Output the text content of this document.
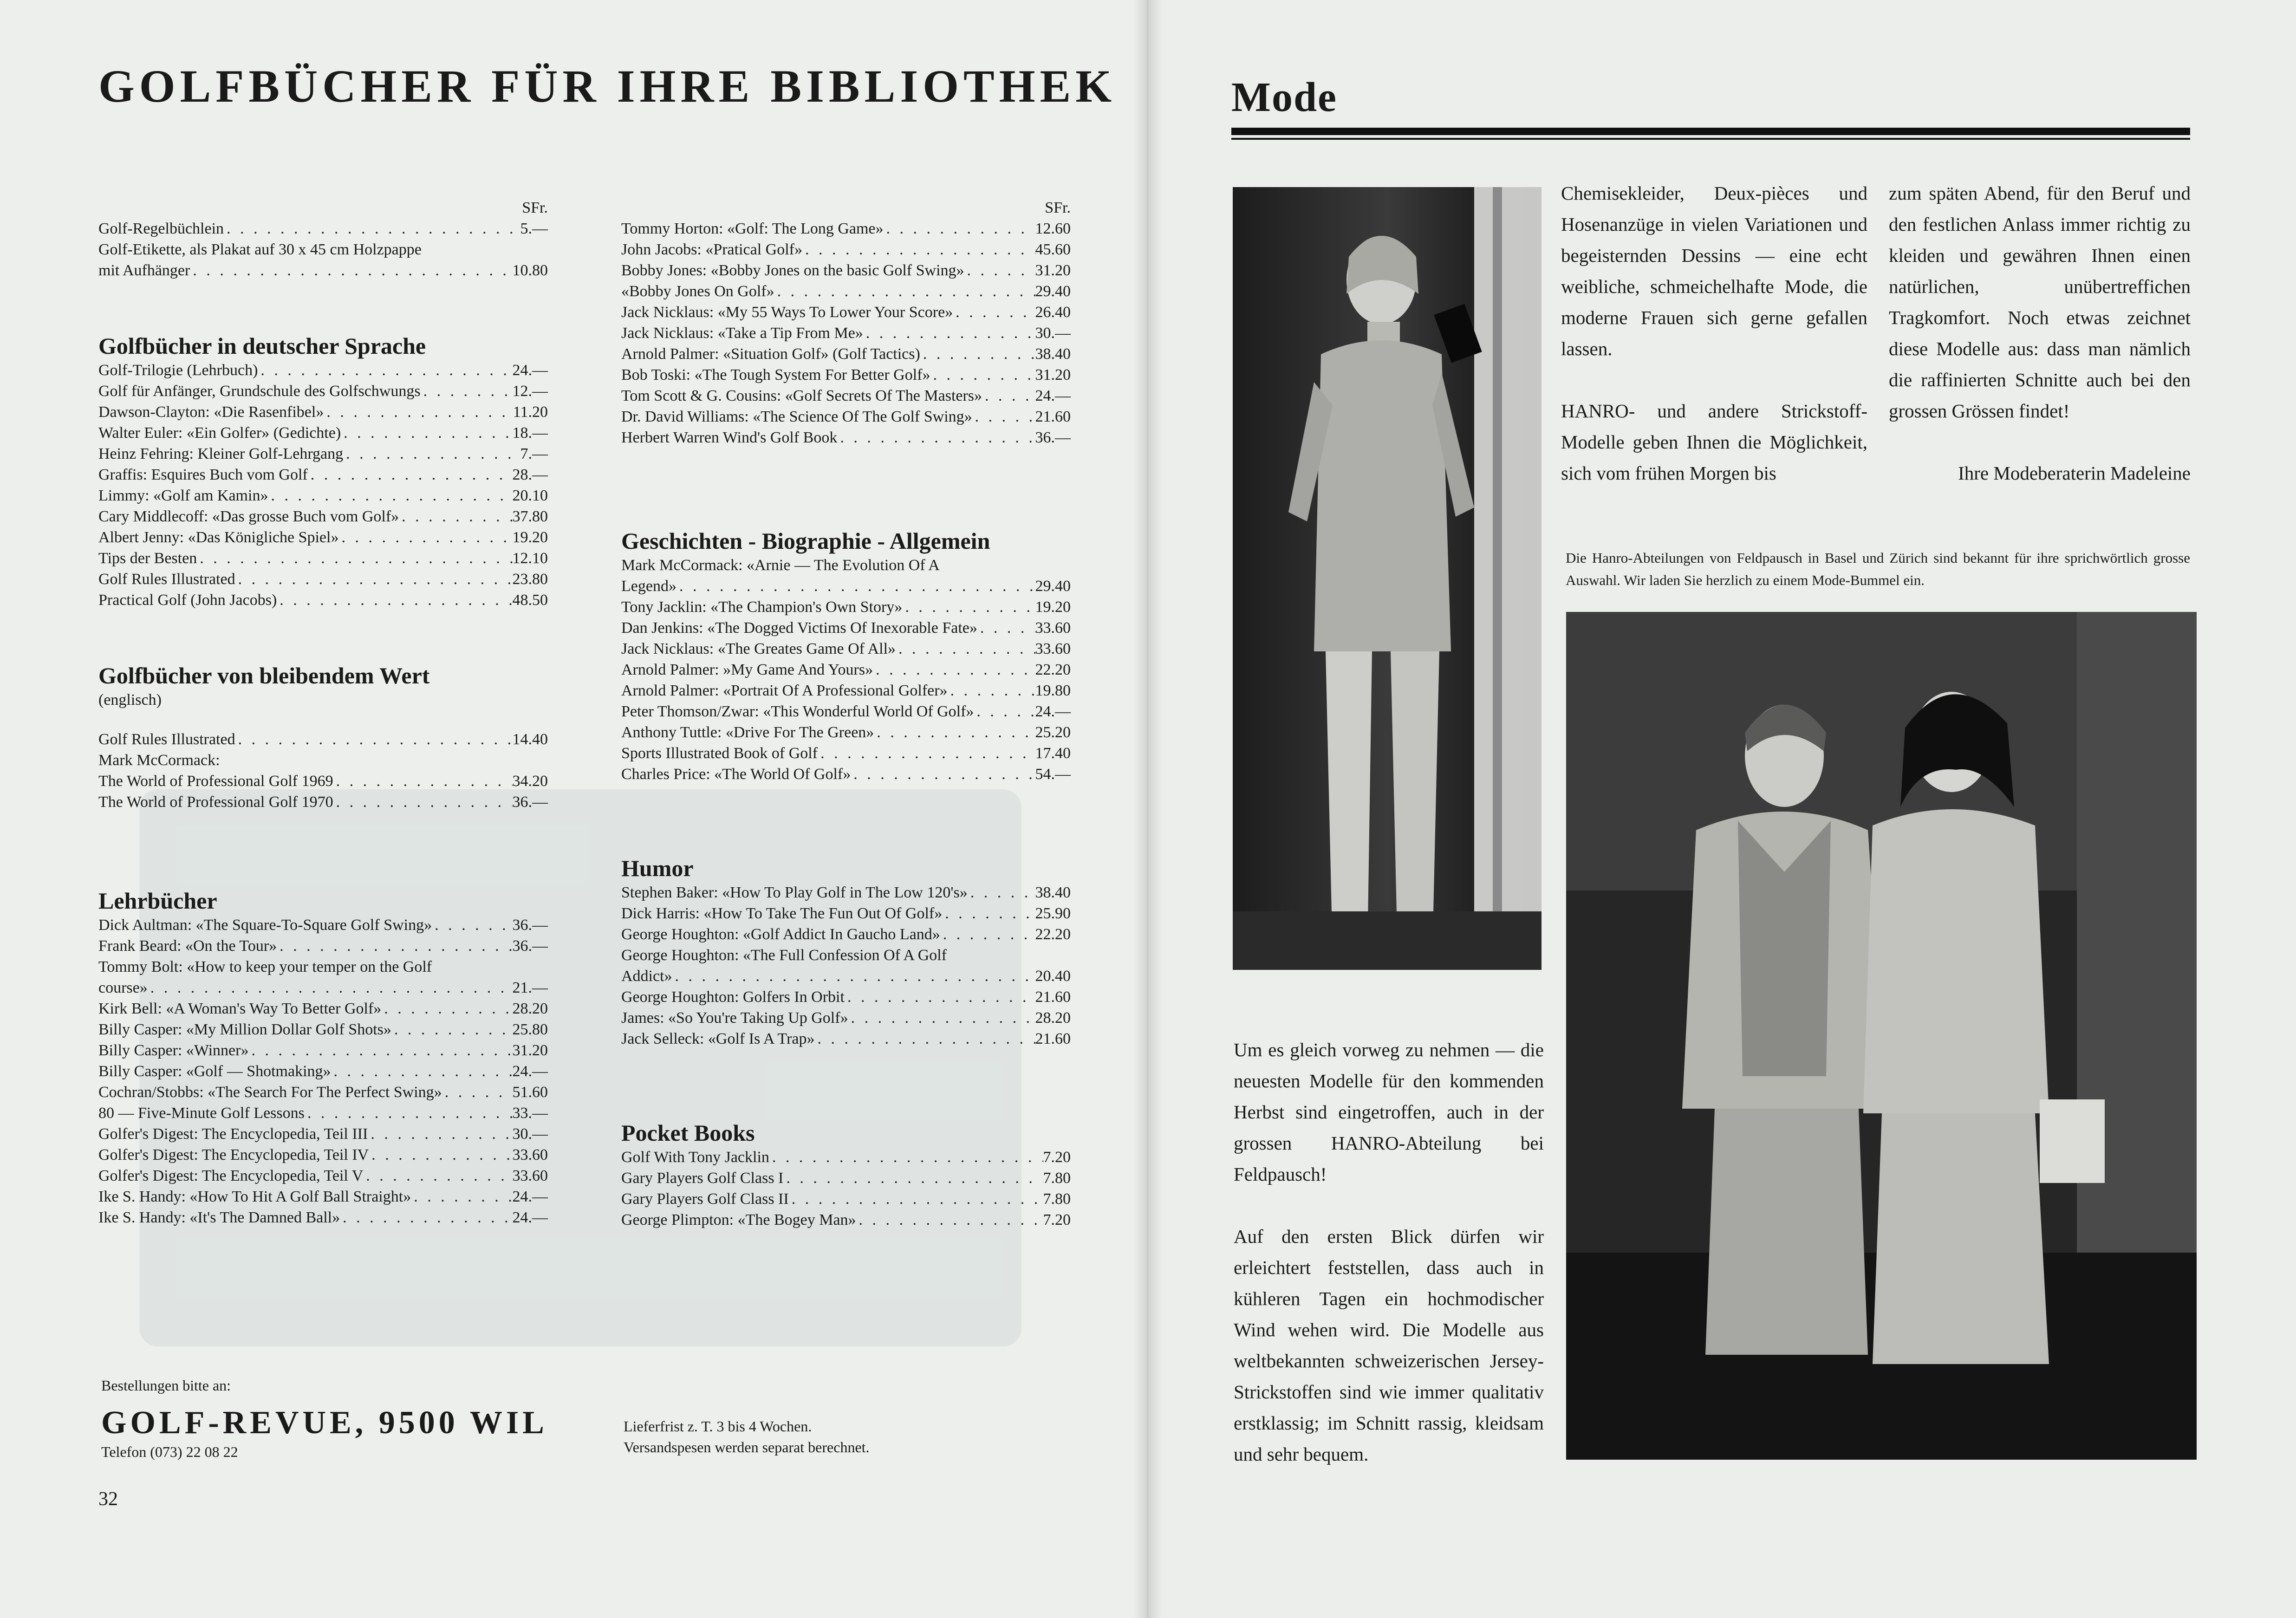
GOLFBÜCHER FÜR IHRE BIBLIOTHEK
SFr.
Golf-Regelbüchlein . . .	5.—
Golf-Etikette, als Plakat auf 30 x 45 cm Holzpappe
mit Aufhänger . . .	10.80
Golfbücher in deutscher Sprache
Golf-Trilogie (Lehrbuch) . . .	24.—
Golf für Anfänger, Grundschule des Golfschwungs . . .	12.—
Dawson-Clayton: «Die Rasenfibel» . . .	11.20
Walter Euler: «Ein Golfer» (Gedichte) . . .	18.—
Heinz Fehring: Kleiner Golf-Lehrgang . . .	7.—
Graffis: Esquires Buch vom Golf . . .	28.—
Limmy: «Golf am Kamin» . . .	20.10
Cary Middlecoff: «Das grosse Buch vom Golf» . . .	37.80
Albert Jenny: «Das Königliche Spiel» . . .	19.20
Tips der Besten . . .	12.10
Golf Rules Illustrated . . .	23.80
Practical Golf (John Jacobs) . . .	48.50
Golfbücher von bleibendem Wert
(englisch)
Golf Rules Illustrated . . .	14.40
Mark McCormack:
The World of Professional Golf 1969 . . .	34.20
The World of Professional Golf 1970 . . .	36.—
Lehrbücher
Dick Aultman: «The Square-To-Square Golf Swing» . . .	36.—
Frank Beard: «On the Tour» . . .	36.—
Tommy Bolt: «How to keep your temper on the Golf
course» . . .	21.—
Kirk Bell: «A Woman's Way To Better Golf» . . .	28.20
Billy Casper: «My Million Dollar Golf Shots» . . .	25.80
Billy Casper: «Winner» . . .	31.20
Billy Casper: «Golf — Shotmaking» . . .	24.—
Cochran/Stobbs: «The Search For The Perfect Swing» . . .	51.60
80 — Five-Minute Golf Lessons . . .	33.—
Golfer's Digest: The Encyclopedia, Teil III . . .	30.—
Golfer's Digest: The Encyclopedia, Teil IV . . .	33.60
Golfer's Digest: The Encyclopedia, Teil V . . .	33.60
Ike S. Handy: «How To Hit A Golf Ball Straight» . . .	24.—
Ike S. Handy: «It's The Damned Ball» . . .	24.—
SFr.
Tommy Horton: «Golf: The Long Game» . . .	12.60
John Jacobs: «Pratical Golf» . . .	45.60
Bobby Jones: «Bobby Jones on the basic Golf Swing» . . .	31.20
«Bobby Jones On Golf» . . .	29.40
Jack Nicklaus: «My 55 Ways To Lower Your Score» . . .	26.40
Jack Nicklaus: «Take a Tip From Me» . . .	30.—
Arnold Palmer: «Situation Golf» (Golf Tactics) . . .	38.40
Bob Toski: «The Tough System For Better Golf» . . .	31.20
Tom Scott & G. Cousins: «Golf Secrets Of The Masters» . . .	24.—
Dr. David Williams: «The Science Of The Golf Swing» . . .	21.60
Herbert Warren Wind's Golf Book . . .	36.—
Geschichten - Biographie - Allgemein
Mark McCormack: «Arnie — The Evolution Of A
Legend» . . .	29.40
Tony Jacklin: «The Champion's Own Story» . . .	19.20
Dan Jenkins: «The Dogged Victims Of Inexorable Fate» . . .	33.60
Jack Nicklaus: «The Greates Game Of All» . . .	33.60
Arnold Palmer: »My Game And Yours» . . .	22.20
Arnold Palmer: «Portrait Of A Professional Golfer» . . .	19.80
Peter Thomson/Zwar: «This Wonderful World Of Golf» . . .	24.—
Anthony Tuttle: «Drive For The Green» . . .	25.20
Sports Illustrated Book of Golf . . .	17.40
Charles Price: «The World Of Golf» . . .	54.—
Humor
Stephen Baker: «How To Play Golf in The Low 120's» . . .	38.40
Dick Harris: «How To Take The Fun Out Of Golf» . . .	25.90
George Houghton: «Golf Addict In Gaucho Land» . . .	22.20
George Houghton: «The Full Confession Of A Golf
Addict» . . .	20.40
George Houghton: Golfers In Orbit . . .	21.60
James: «So You're Taking Up Golf» . . .	28.20
Jack Selleck: «Golf Is A Trap» . . .	21.60
Pocket Books
Golf With Tony Jacklin . . .	7.20
Gary Players Golf Class I . . .	7.80
Gary Players Golf Class II . . .	7.80
George Plimpton: «The Bogey Man» . . .	7.20
Bestellungen bitte an:
GOLF-REVUE, 9500 WIL
Telefon (073) 22 08 22
Lieferfrist z. T. 3 bis 4 Wochen.
Versandspesen werden separat berechnet.
32
Mode
Chemisekleider, Deux-pièces und Hosenanzüge in vielen Variationen und begeisternden Dessins — eine echt weibliche, schmeichelhafte Mode, die moderne Frauen sich gerne gefallen lassen.
HANRO- und andere Strickstoff-Modelle geben Ihnen die Möglichkeit, sich vom frühen Morgen bis
zum späten Abend, für den Beruf und den festlichen Anlass immer richtig zu kleiden und gewähren Ihnen einen natürlichen, unübertreffichen Tragkomfort. Noch etwas zeichnet diese Modelle aus: dass man nämlich die raffinierten Schnitte auch bei den grossen Grössen findet!
Ihre Modeberaterin Madeleine
Die Hanro-Abteilungen von Feldpausch in Basel und Zürich sind bekannt für ihre sprichwörtlich grosse Auswahl. Wir laden Sie herzlich zu einem Mode-Bummel ein.
Um es gleich vorweg zu nehmen — die neuesten Modelle für den kommenden Herbst sind eingetroffen, auch in der grossen HANRO-Abteilung bei Feldpausch!
Auf den ersten Blick dürfen wir erleichtert feststellen, dass auch in kühleren Tagen ein hochmodischer Wind wehen wird. Die Modelle aus weltbekannten schweizerischen Jersey-Strickstoffen sind wie immer qualitativ erstklassig; im Schnitt rassig, kleidsam und sehr bequem.
